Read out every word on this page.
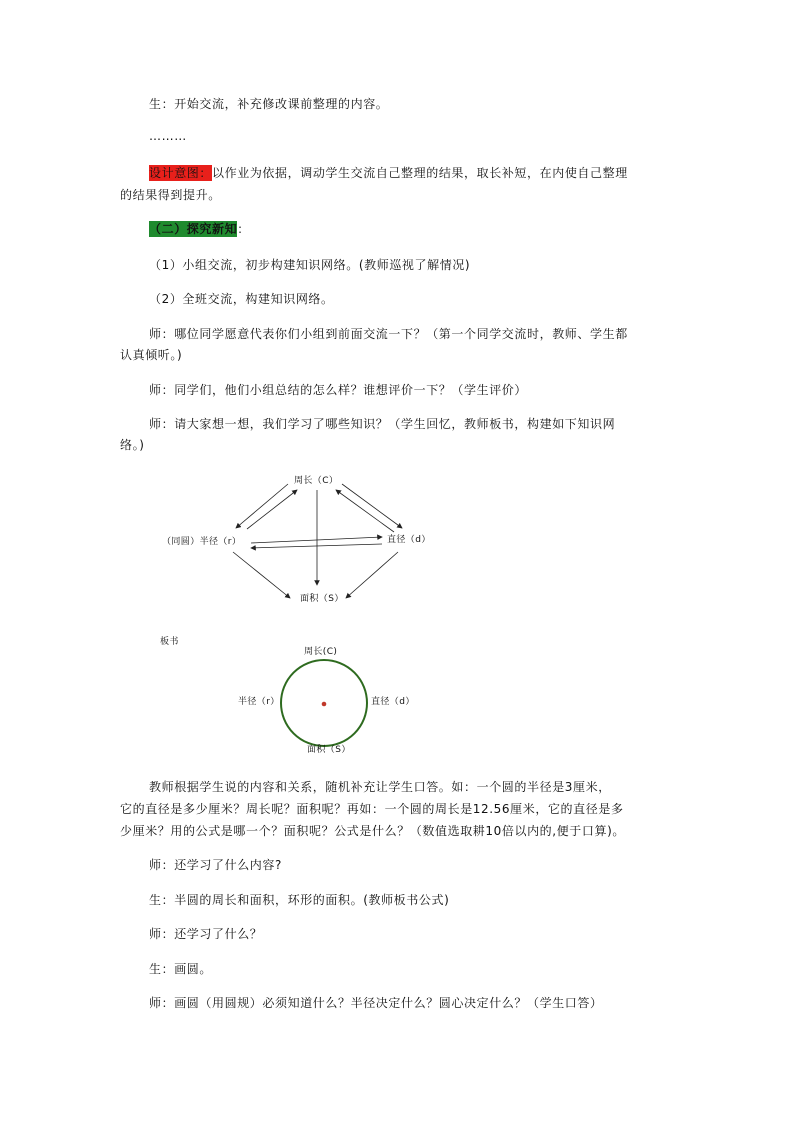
生：开始交流，补充修改课前整理的内容。
………
设计意图：以作业为依据，调动学生交流自己整理的结果，取长补短，在内使自己整理
的结果得到提升。
（二）探究新知：
（1）小组交流，初步构建知识网络。(教师巡视了解情况)
（2）全班交流，构建知识网络。
师：哪位同学愿意代表你们小组到前面交流一下？（第一个同学交流时，教师、学生都
认真倾听。)
师：同学们，他们小组总结的怎么样？谁想评价一下？（学生评价）
师：请大家想一想，我们学习了哪些知识？（学生回忆，教师板书，构建如下知识网
络。)
周长（C）
（同圆）半径（r）	直径（d）
面积（S）
板书
周长(C)
半径（r）	直径（d）
面积（S）
教师根据学生说的内容和关系，随机补充让学生口答。如：一个圆的半径是3厘米，
它的直径是多少厘米？周长呢？面积呢？再如：一个圆的周长是12.56厘米，它的直径是多
少厘米？用的公式是哪一个？面积呢？公式是什么？（数值选取耕10倍以内的,便于口算)。
师：还学习了什么内容?
生：半圆的周长和面积，环形的面积。(教师板书公式)
师：还学习了什么？
生：画圆。
师：画圆（用圆规）必须知道什么？半径决定什么？圆心决定什么？（学生口答）
